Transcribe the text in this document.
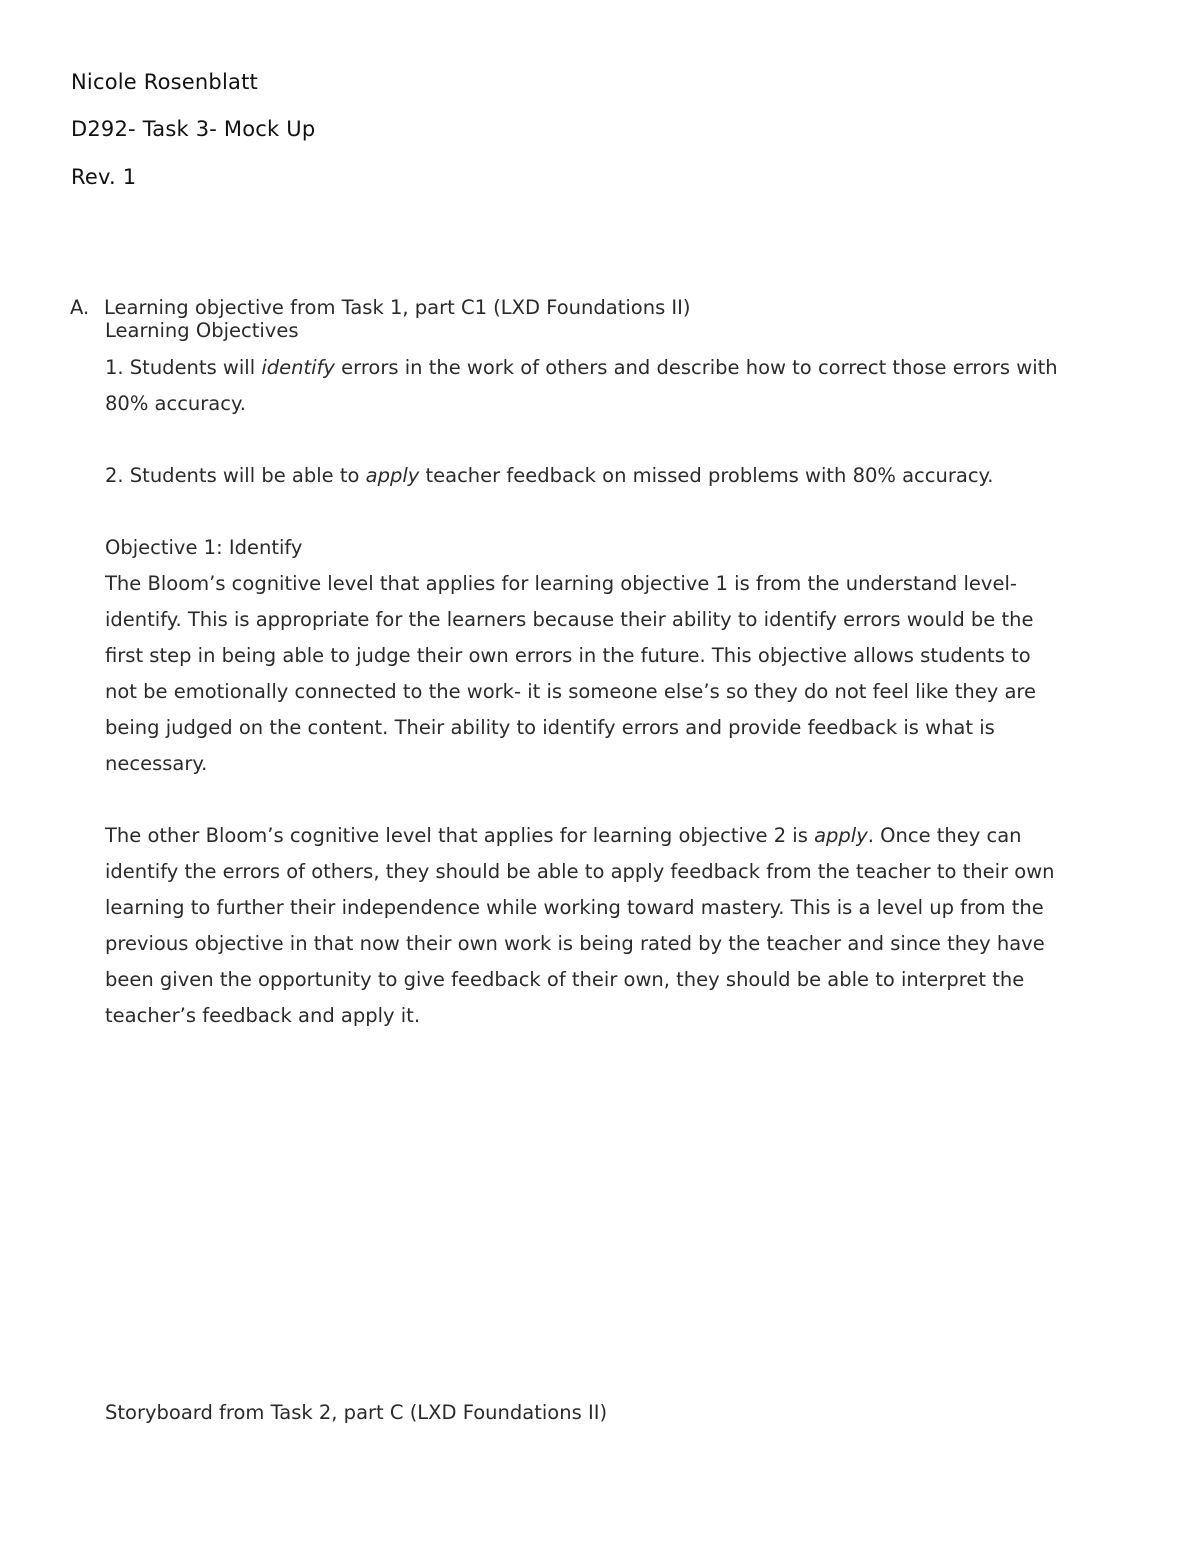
Nicole Rosenblatt
D292- Task 3- Mock Up
Rev. 1
A. Learning objective from Task 1, part C1 (LXD Foundations II)
Learning Objectives
1. Students will identify errors in the work of others and describe how to correct those errors with
80% accuracy.
2. Students will be able to apply teacher feedback on missed problems with 80% accuracy.
Objective 1: Identify
The Bloom’s cognitive level that applies for learning objective 1 is from the understand level-
identify. This is appropriate for the learners because their ability to identify errors would be the
first step in being able to judge their own errors in the future. This objective allows students to
not be emotionally connected to the work- it is someone else’s so they do not feel like they are
being judged on the content. Their ability to identify errors and provide feedback is what is
necessary.
The other Bloom’s cognitive level that applies for learning objective 2 is apply. Once they can
identify the errors of others, they should be able to apply feedback from the teacher to their own
learning to further their independence while working toward mastery. This is a level up from the
previous objective in that now their own work is being rated by the teacher and since they have
been given the opportunity to give feedback of their own, they should be able to interpret the
teacher’s feedback and apply it.
Storyboard from Task 2, part C (LXD Foundations II)
